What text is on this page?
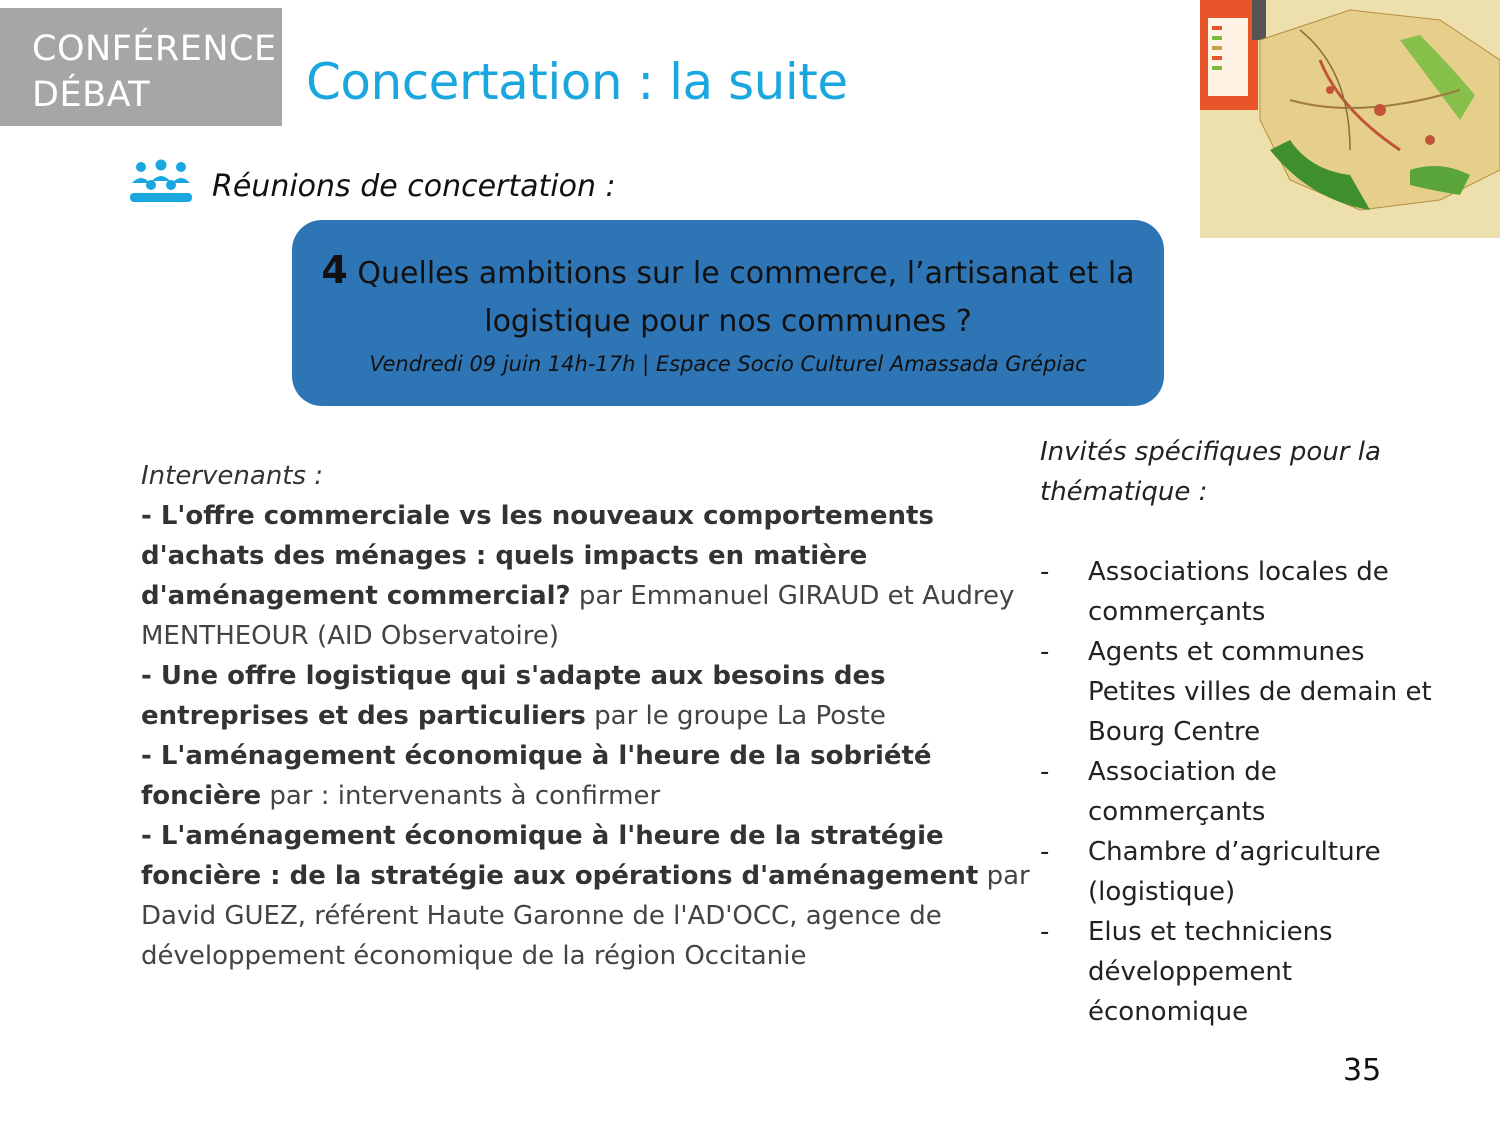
CONFÉRENCE
DÉBAT	Concertation : la suite
Réunions de concertation :
4 Quelles ambitions sur le commerce, l’artisanat et la logistique pour nos communes ?
Vendredi 09 juin 14h-17h | Espace Socio Culturel Amassada Grépiac
Intervenants :
- L'offre commerciale vs les nouveaux comportements d'achats des ménages : quels impacts en matière d'aménagement commercial? par Emmanuel GIRAUD et Audrey MENTHEOUR (AID Observatoire)
- Une offre logistique qui s'adapte aux besoins des entreprises et des particuliers par le groupe La Poste
- L'aménagement économique à l'heure de la sobriété foncière par : intervenants à confirmer
- L'aménagement économique à l'heure de la stratégie foncière : de la stratégie aux opérations d'aménagement par David GUEZ, référent Haute Garonne de l'AD'OCC, agence de développement économique de la région Occitanie
Invités spécifiques pour la thématique :
- Associations locales de commerçants
- Agents et communes Petites villes de demain et Bourg Centre
- Association de commerçants
- Chambre d’agriculture (logistique)
- Elus et techniciens développement économique
35
